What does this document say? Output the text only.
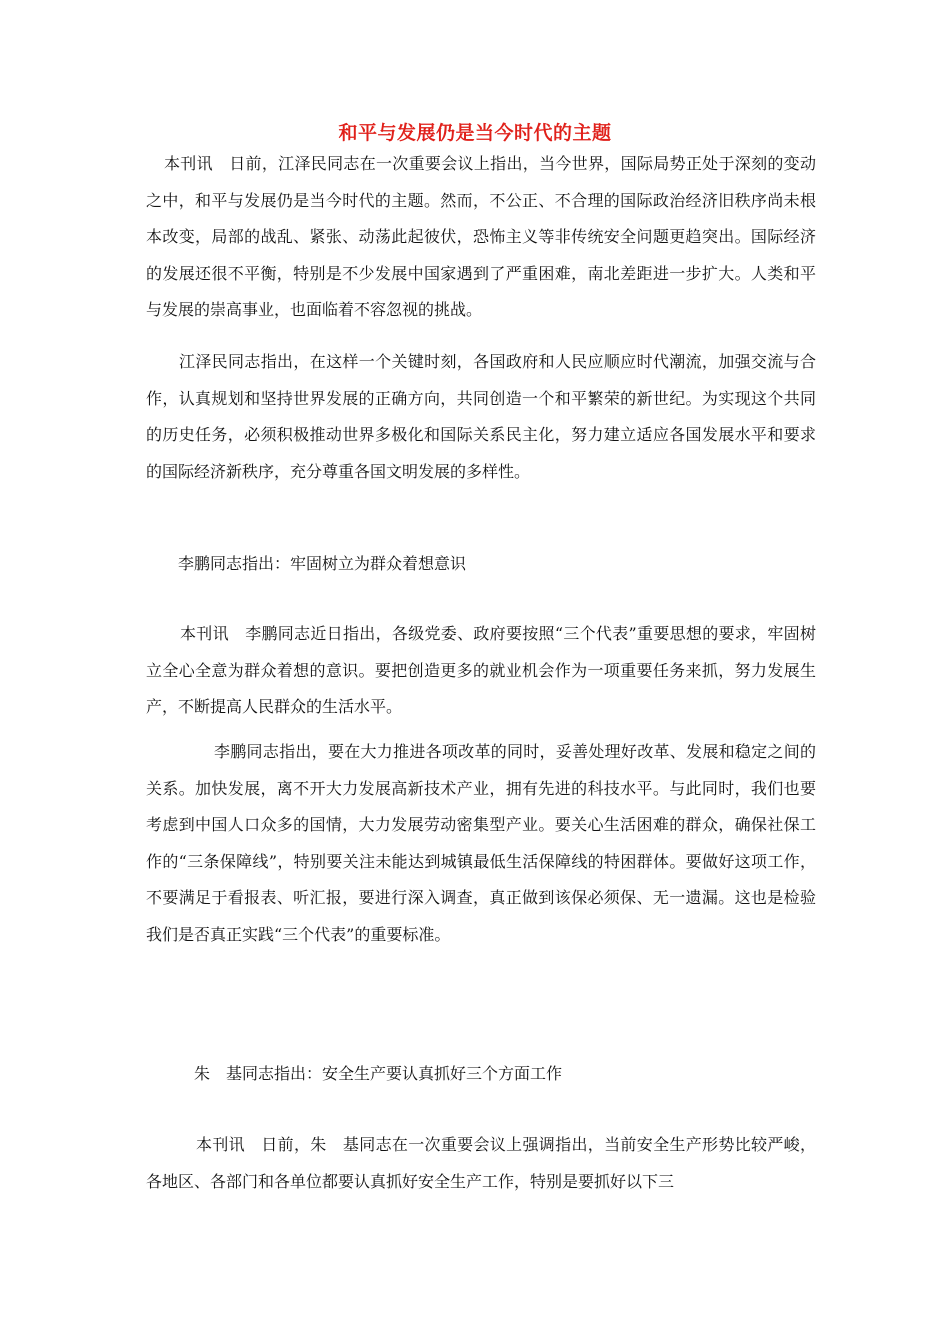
和平与发展仍是当今时代的主题

本刊讯　日前，江泽民同志在一次重要会议上指出，当今世界，国际局势正处于深刻的变动之中，和平与发展仍是当今时代的主题。然而，不公正、不合理的国际政治经济旧秩序尚未根本改变，局部的战乱、紧张、动荡此起彼伏，恐怖主义等非传统安全问题更趋突出。国际经济的发展还很不平衡，特别是不少发展中国家遇到了严重困难，南北差距进一步扩大。人类和平与发展的崇高事业，也面临着不容忽视的挑战。

江泽民同志指出，在这样一个关键时刻，各国政府和人民应顺应时代潮流，加强交流与合作，认真规划和坚持世界发展的正确方向，共同创造一个和平繁荣的新世纪。为实现这个共同的历史任务，必须积极推动世界多极化和国际关系民主化，努力建立适应各国发展水平和要求的国际经济新秩序，充分尊重各国文明发展的多样性。

李鹏同志指出：牢固树立为群众着想意识

本刊讯　李鹏同志近日指出，各级党委、政府要按照“三个代表”重要思想的要求，牢固树立全心全意为群众着想的意识。要把创造更多的就业机会作为一项重要任务来抓，努力发展生产，不断提高人民群众的生活水平。

李鹏同志指出，要在大力推进各项改革的同时，妥善处理好改革、发展和稳定之间的关系。加快发展，离不开大力发展高新技术产业，拥有先进的科技水平。与此同时，我们也要考虑到中国人口众多的国情，大力发展劳动密集型产业。要关心生活困难的群众，确保社保工作的“三条保障线”，特别要关注未能达到城镇最低生活保障线的特困群体。要做好这项工作，不要满足于看报表、听汇报，要进行深入调查，真正做到该保必须保、无一遗漏。这也是检验我们是否真正实践“三个代表”的重要标准。

朱　基同志指出：安全生产要认真抓好三个方面工作

本刊讯　日前，朱　基同志在一次重要会议上强调指出，当前安全生产形势比较严峻，各地区、各部门和各单位都要认真抓好安全生产工作，特别是要抓好以下三
